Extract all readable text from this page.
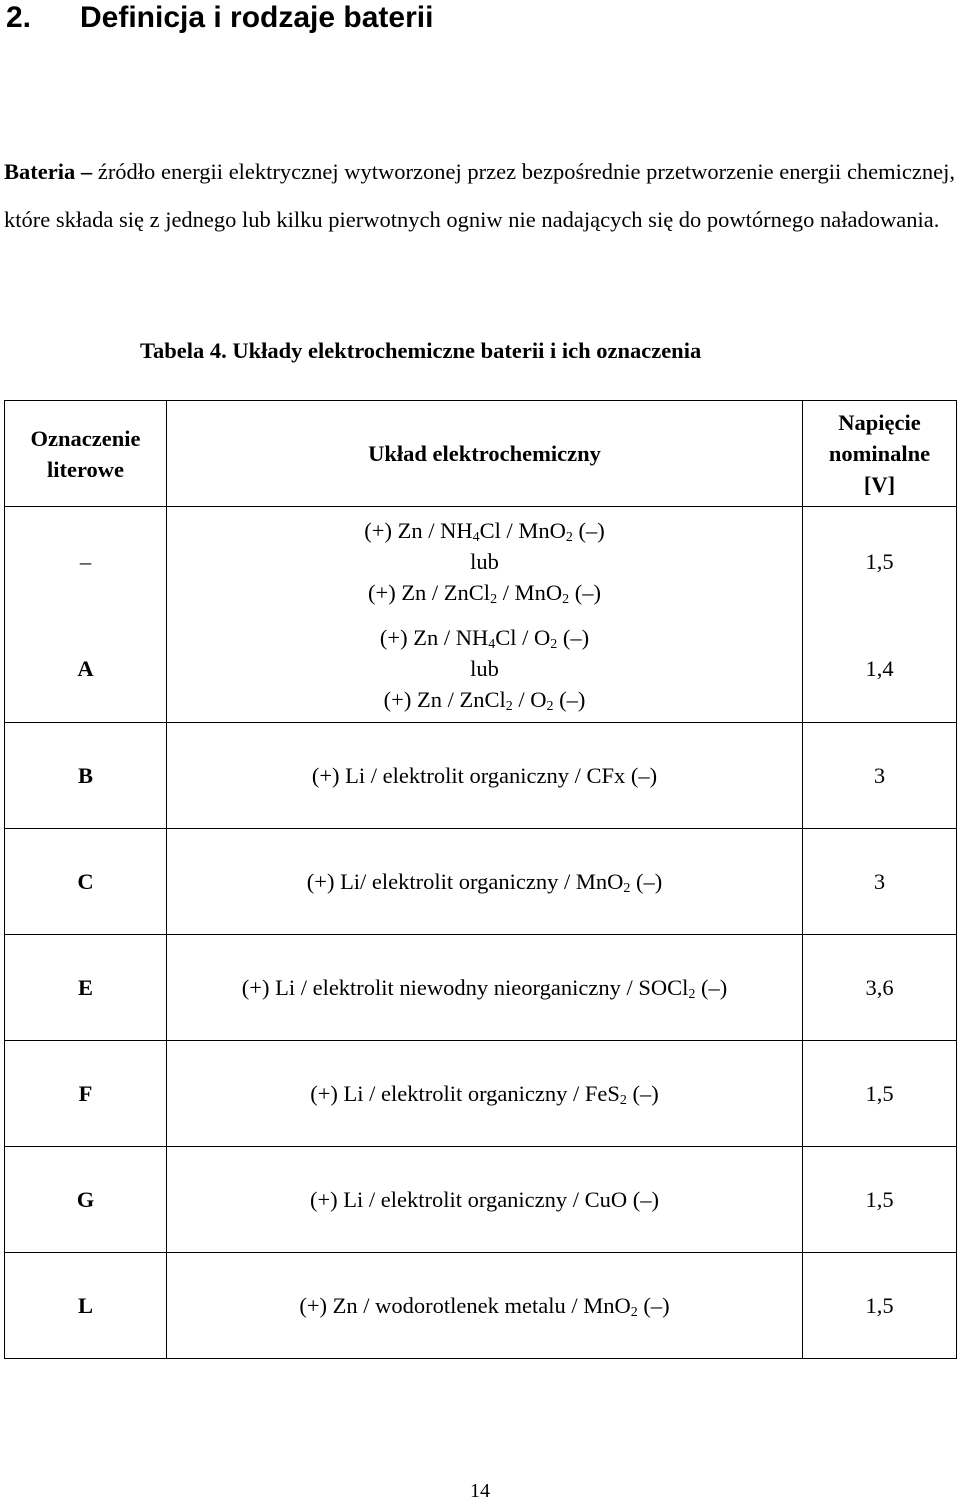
2. Definicja i rodzaje baterii
Bateria – źródło energii elektrycznej wytworzonej przez bezpośrednie przetworzenie energii chemicznej, które składa się z jednego lub kilku pierwotnych ogniw nie nadających się do powtórnego naładowania.
Tabela 4. Układy elektrochemiczne baterii i ich oznaczenia
Oznaczenie literowe	Układ elektrochemiczny	Napięcie nominalne [V]
–	(+) Zn / $NH_4Cl / MnO_2$ (–)
lub
(+) Zn / ZnCl$_2$ / MnO$_2$ (–)	1,5
A	(+) Zn / $NH_4Cl / O_2$ (–)
lub
(+) Zn / ZnCl$_2$ / $O_2$ (–)	1,4
B	(+) Li / elektrolit organiczny / CFx (–)	3
C	(+) Li/ elektrolit organiczny / MnO$_2$ (–)	3
E	(+) Li / elektrolit niewodny nieorganiczny / SOCl$_2$ (–)	3,6
F	(+) Li / elektrolit organiczny / FeS$_2$ (–)	1,5
G	(+) Li / elektrolit organiczny / CuO (–)	1,5
L	(+) Zn / wodorotlenek metalu / MnO$_2$ (–)	1,5
14
